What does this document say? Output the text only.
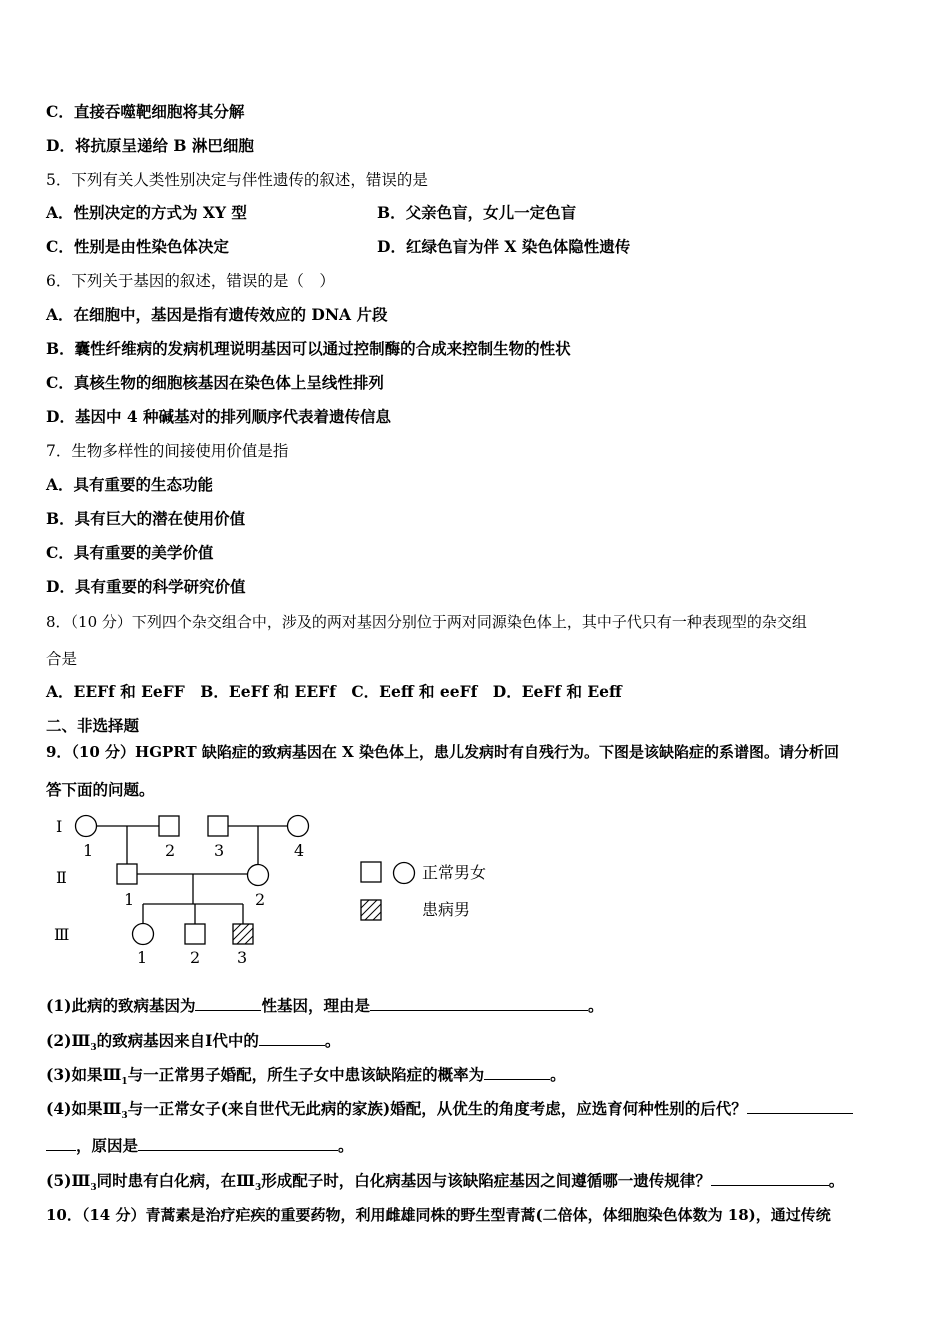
C．直接吞噬靶细胞将其分解
D．将抗原呈递给 B 淋巴细胞
5．下列有关人类性别决定与伴性遗传的叙述，错误的是
A．性别决定的方式为 XY 型	B．父亲色盲，女儿一定色盲
C．性别是由性染色体决定	D．红绿色盲为伴 X 染色体隐性遗传
6．下列关于基因的叙述，错误的是（　）
A．在细胞中，基因是指有遗传效应的 DNA 片段
B．囊性纤维病的发病机理说明基因可以通过控制酶的合成来控制生物的性状
C．真核生物的细胞核基因在染色体上呈线性排列
D．基因中 4 种碱基对的排列顺序代表着遗传信息
7．生物多样性的间接使用价值是指
A．具有重要的生态功能
B．具有巨大的潜在使用价值
C．具有重要的美学价值
D．具有重要的科学研究价值
8．（10 分）下列四个杂交组合中，涉及的两对基因分别位于两对同源染色体上，其中子代只有一种表现型的杂交组
合是
A．EEFf 和 EeFF　B．EeFf 和 EEFf　C．Eeff 和 eeFf　D．EeFf 和 Eeff
二、非选择题
9．（10 分）HGPRT 缺陷症的致病基因在 X 染色体上，患儿发病时有自残行为。下图是该缺陷症的系谱图。请分析回
答下面的问题。
Ⅰ
Ⅱ
Ⅲ
1	2 3	4
1	2
1	2 3
正常男女
患病男
(1)此病的致病基因为	性基因，理由是	。
$(2)Ⅲ_3$的致病基因来自Ⅰ代中的	。
(3)如果$Ⅲ_1$与一正常男子婚配，所生子女中患该缺陷症的概率为	。
(4)如果$Ⅲ_3$与一正常女子(来自世代无此病的家族)婚配，从优生的角度考虑，应选育何种性别的后代？
，原因是	。
$(5)Ⅲ_3$同时患有白化病，在$Ⅲ_3$形成配子时，白化病基因与该缺陷症基因之间遵循哪一遗传规律？	。
10．（14 分）青蒿素是治疗疟疾的重要药物，利用雌雄同株的野生型青蒿(二倍体，体细胞染色体数为 18)，通过传统
